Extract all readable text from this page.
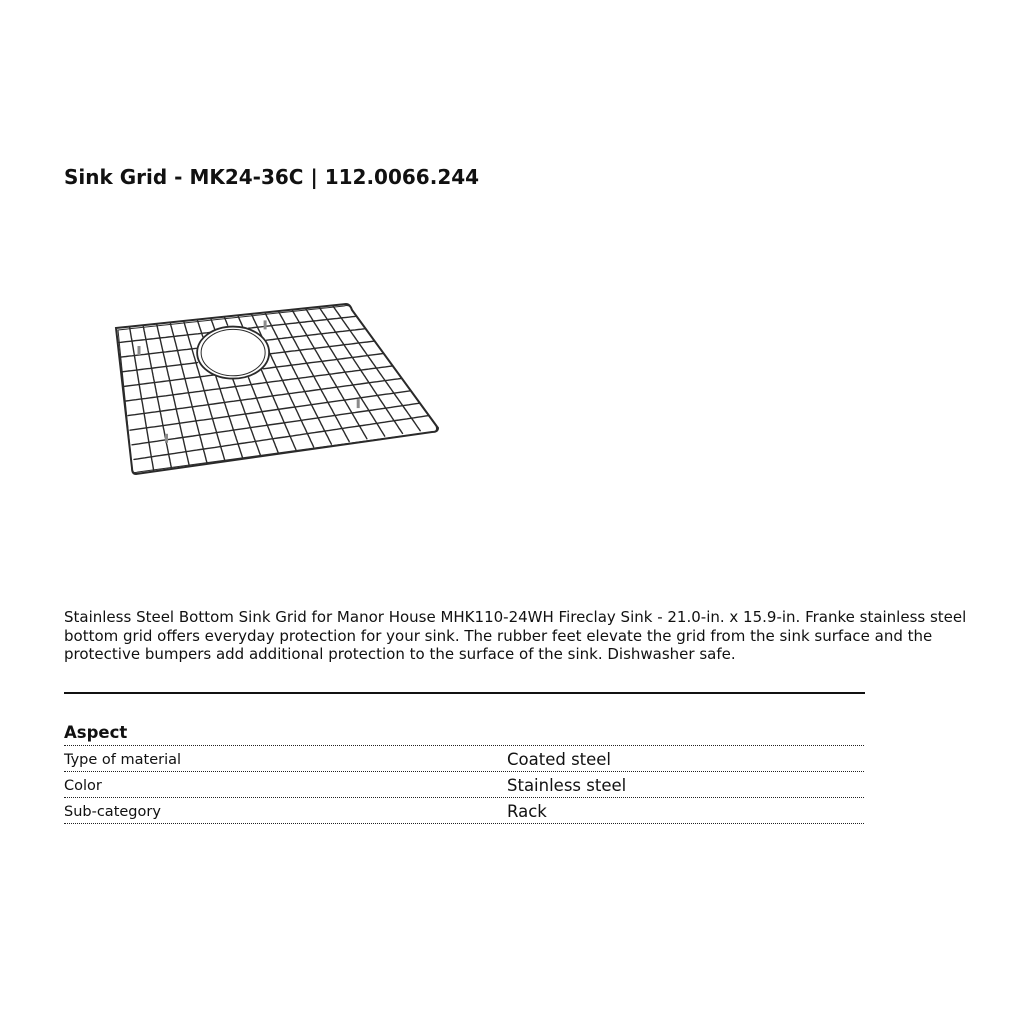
Sink Grid - MK24-36C | 112.0066.244

Stainless Steel Bottom Sink Grid for Manor House MHK110-24WH Fireclay Sink - 21.0-in. x 15.9-in. Franke stainless steel bottom grid offers everyday protection for your sink. The rubber feet elevate the grid from the sink surface and the protective bumpers add additional protection to the surface of the sink. Dishwasher safe.

Aspect
Type of material	Coated steel
Color	Stainless steel
Sub-category	Rack
